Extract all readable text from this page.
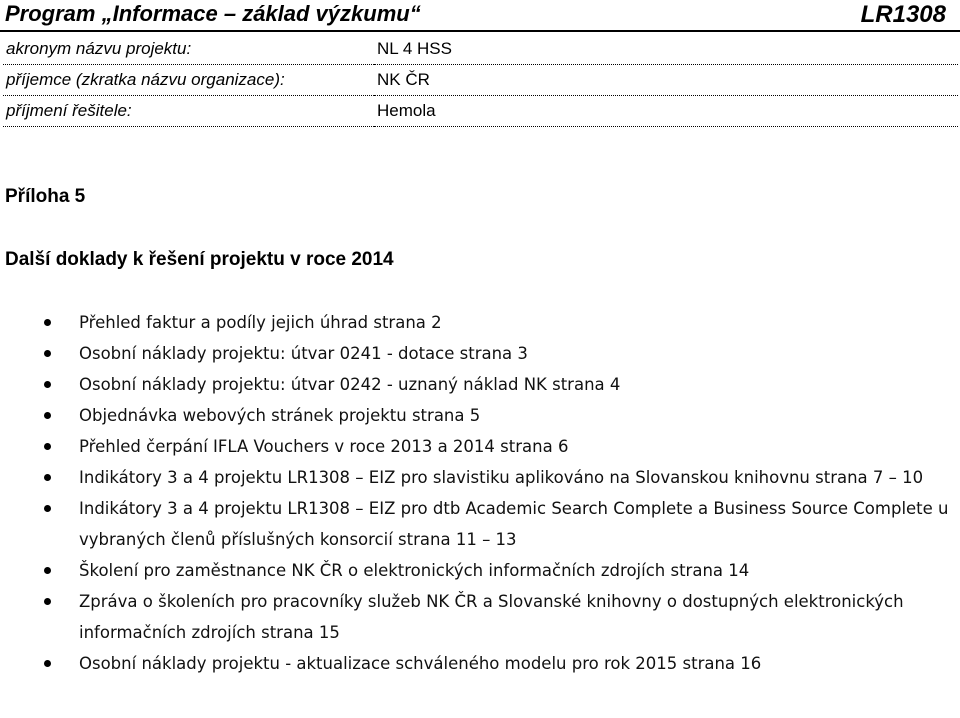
Program „Informace – základ výzkumu“	LR1308
akronym názvu projektu:	NL 4 HSS
příjemce (zkratka názvu organizace):	NK ČR
příjmení řešitele:	Hemola
Příloha 5
Další doklady k řešení projektu v roce 2014
Přehled faktur a podíly jejich úhrad strana 2
Osobní náklady projektu: útvar 0241 - dotace strana 3
Osobní náklady projektu: útvar 0242 - uznaný náklad NK strana 4
Objednávka webových stránek projektu strana 5
Přehled čerpání IFLA Vouchers v roce 2013 a 2014 strana 6
Indikátory 3 a 4 projektu LR1308 – EIZ pro slavistiku aplikováno na Slovanskou knihovnu strana 7 – 10
Indikátory 3 a 4 projektu LR1308 – EIZ pro dtb Academic Search Complete a Business Source Complete u vybraných členů příslušných konsorcií strana 11 – 13
Školení pro zaměstnance NK ČR o elektronických informačních zdrojích strana 14
Zpráva o školeních pro pracovníky služeb NK ČR a Slovanské knihovny o dostupných elektronických informačních zdrojích strana 15
Osobní náklady projektu - aktualizace schváleného modelu pro rok 2015 strana 16
